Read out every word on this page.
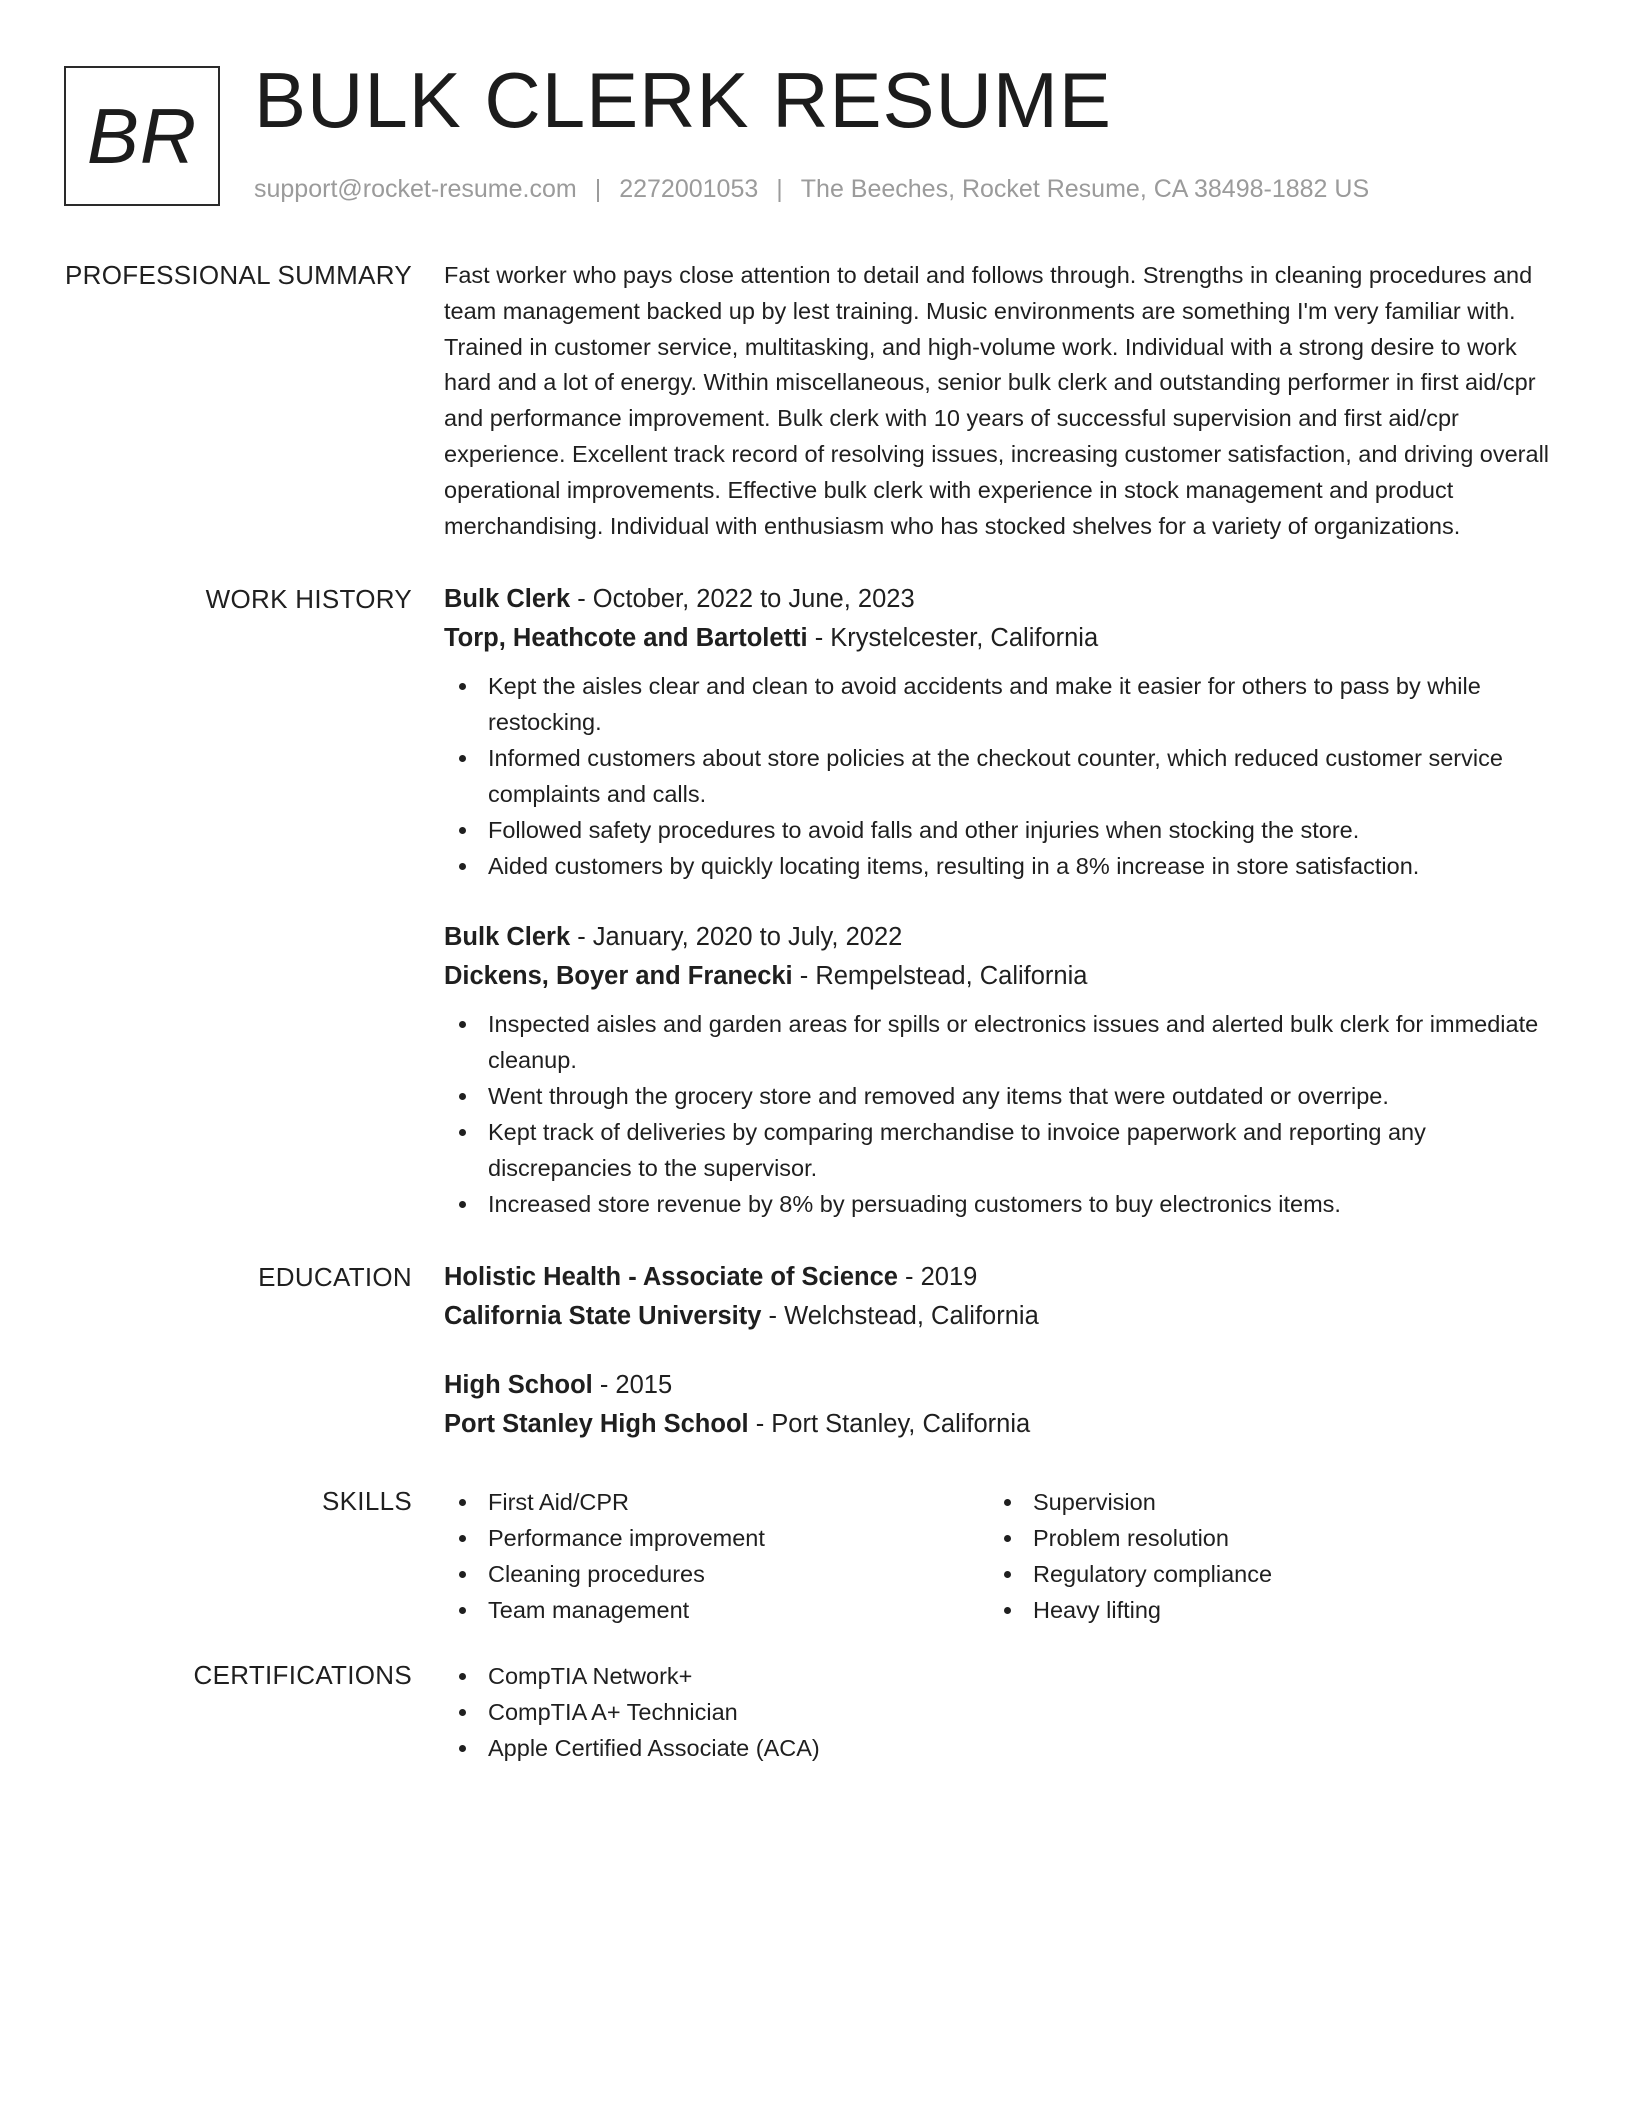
BR BULK CLERK RESUME
support@rocket-resume.com | 2272001053 | The Beeches, Rocket Resume, CA 38498-1882 US
PROFESSIONAL SUMMARY Fast worker who pays close attention to detail and follows through. Strengths in cleaning procedures and team management backed up by lest training. Music environments are something I'm very familiar with. Trained in customer service, multitasking, and high-volume work. Individual with a strong desire to work hard and a lot of energy. Within miscellaneous, senior bulk clerk and outstanding performer in first aid/cpr and performance improvement. Bulk clerk with 10 years of successful supervision and first aid/cpr experience. Excellent track record of resolving issues, increasing customer satisfaction, and driving overall operational improvements. Effective bulk clerk with experience in stock management and product merchandising. Individual with enthusiasm who has stocked shelves for a variety of organizations.

WORK HISTORY Bulk Clerk - October, 2022 to June, 2023
Torp, Heathcote and Bartoletti - Krystelcester, California
Kept the aisles clear and clean to avoid accidents and make it easier for others to pass by while restocking.
Informed customers about store policies at the checkout counter, which reduced customer service complaints and calls.
Followed safety procedures to avoid falls and other injuries when stocking the store.
Aided customers by quickly locating items, resulting in a 8% increase in store satisfaction.
Bulk Clerk - January, 2020 to July, 2022
Dickens, Boyer and Franecki - Rempelstead, California
Inspected aisles and garden areas for spills or electronics issues and alerted bulk clerk for immediate cleanup.
Went through the grocery store and removed any items that were outdated or overripe.
Kept track of deliveries by comparing merchandise to invoice paperwork and reporting any discrepancies to the supervisor.
Increased store revenue by 8% by persuading customers to buy electronics items.
EDUCATION Holistic Health - Associate of Science - 2019
California State University - Welchstead, California
High School - 2015
Port Stanley High School - Port Stanley, California
SKILLS	First Aid/CPR
Performance improvement
Cleaning procedures
Team management
Supervision
Problem resolution
Regulatory compliance
Heavy lifting
CERTIFICATIONS	CompTIA Network+
CompTIA A+ Technician
Apple Certified Associate (ACA)
